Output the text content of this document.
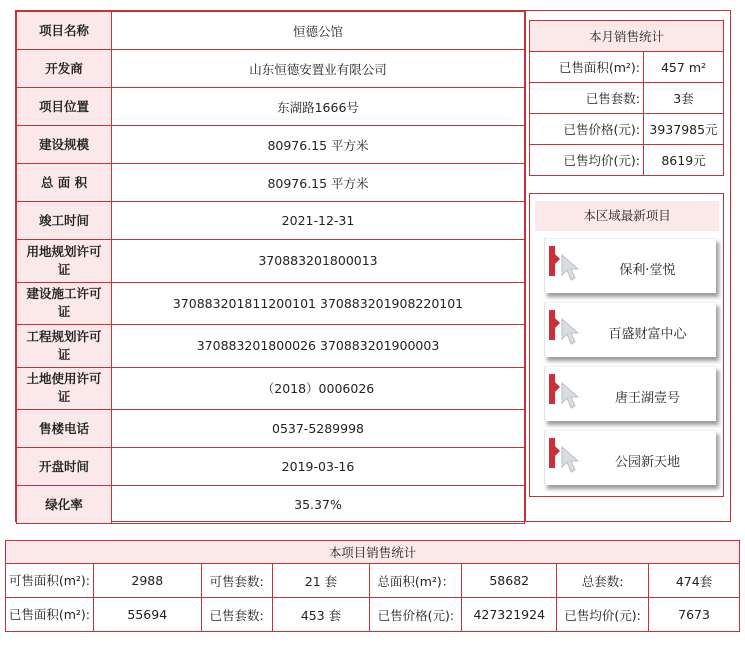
项目名称	恒德公馆
开发商	山东恒德安置业有限公司
项目位置	东湖路1666号
建设规模	80976.15 平方米
总 面 积	80976.15 平方米
竣工时间	2021-12-31
用地规划许可证	370883201800013
建设施工许可证	370883201811200101 370883201908220101
工程规划许可证	370883201800026 370883201900003
土地使用许可证	（2018）0006026
售楼电话	0537-5289998
开盘时间	2019-03-16
绿化率	35.37%
本月销售统计	
已售面积(m²):	457 m²
已售套数:	3套
已售价格(元):	3937985元
已售均价(元):	8619元
本区域最新项目
保利·堂悦
百盛财富中心
唐王湖壹号
公园新天地
本项目销售统计							
可售面积(m²):	2988	可售套数:	21 套	总面积(m²)：	58682	总套数:	474套
已售面积(m²):	55694	已售套数:	453 套	已售价格(元):	427321924	已售均价(元):	7673
